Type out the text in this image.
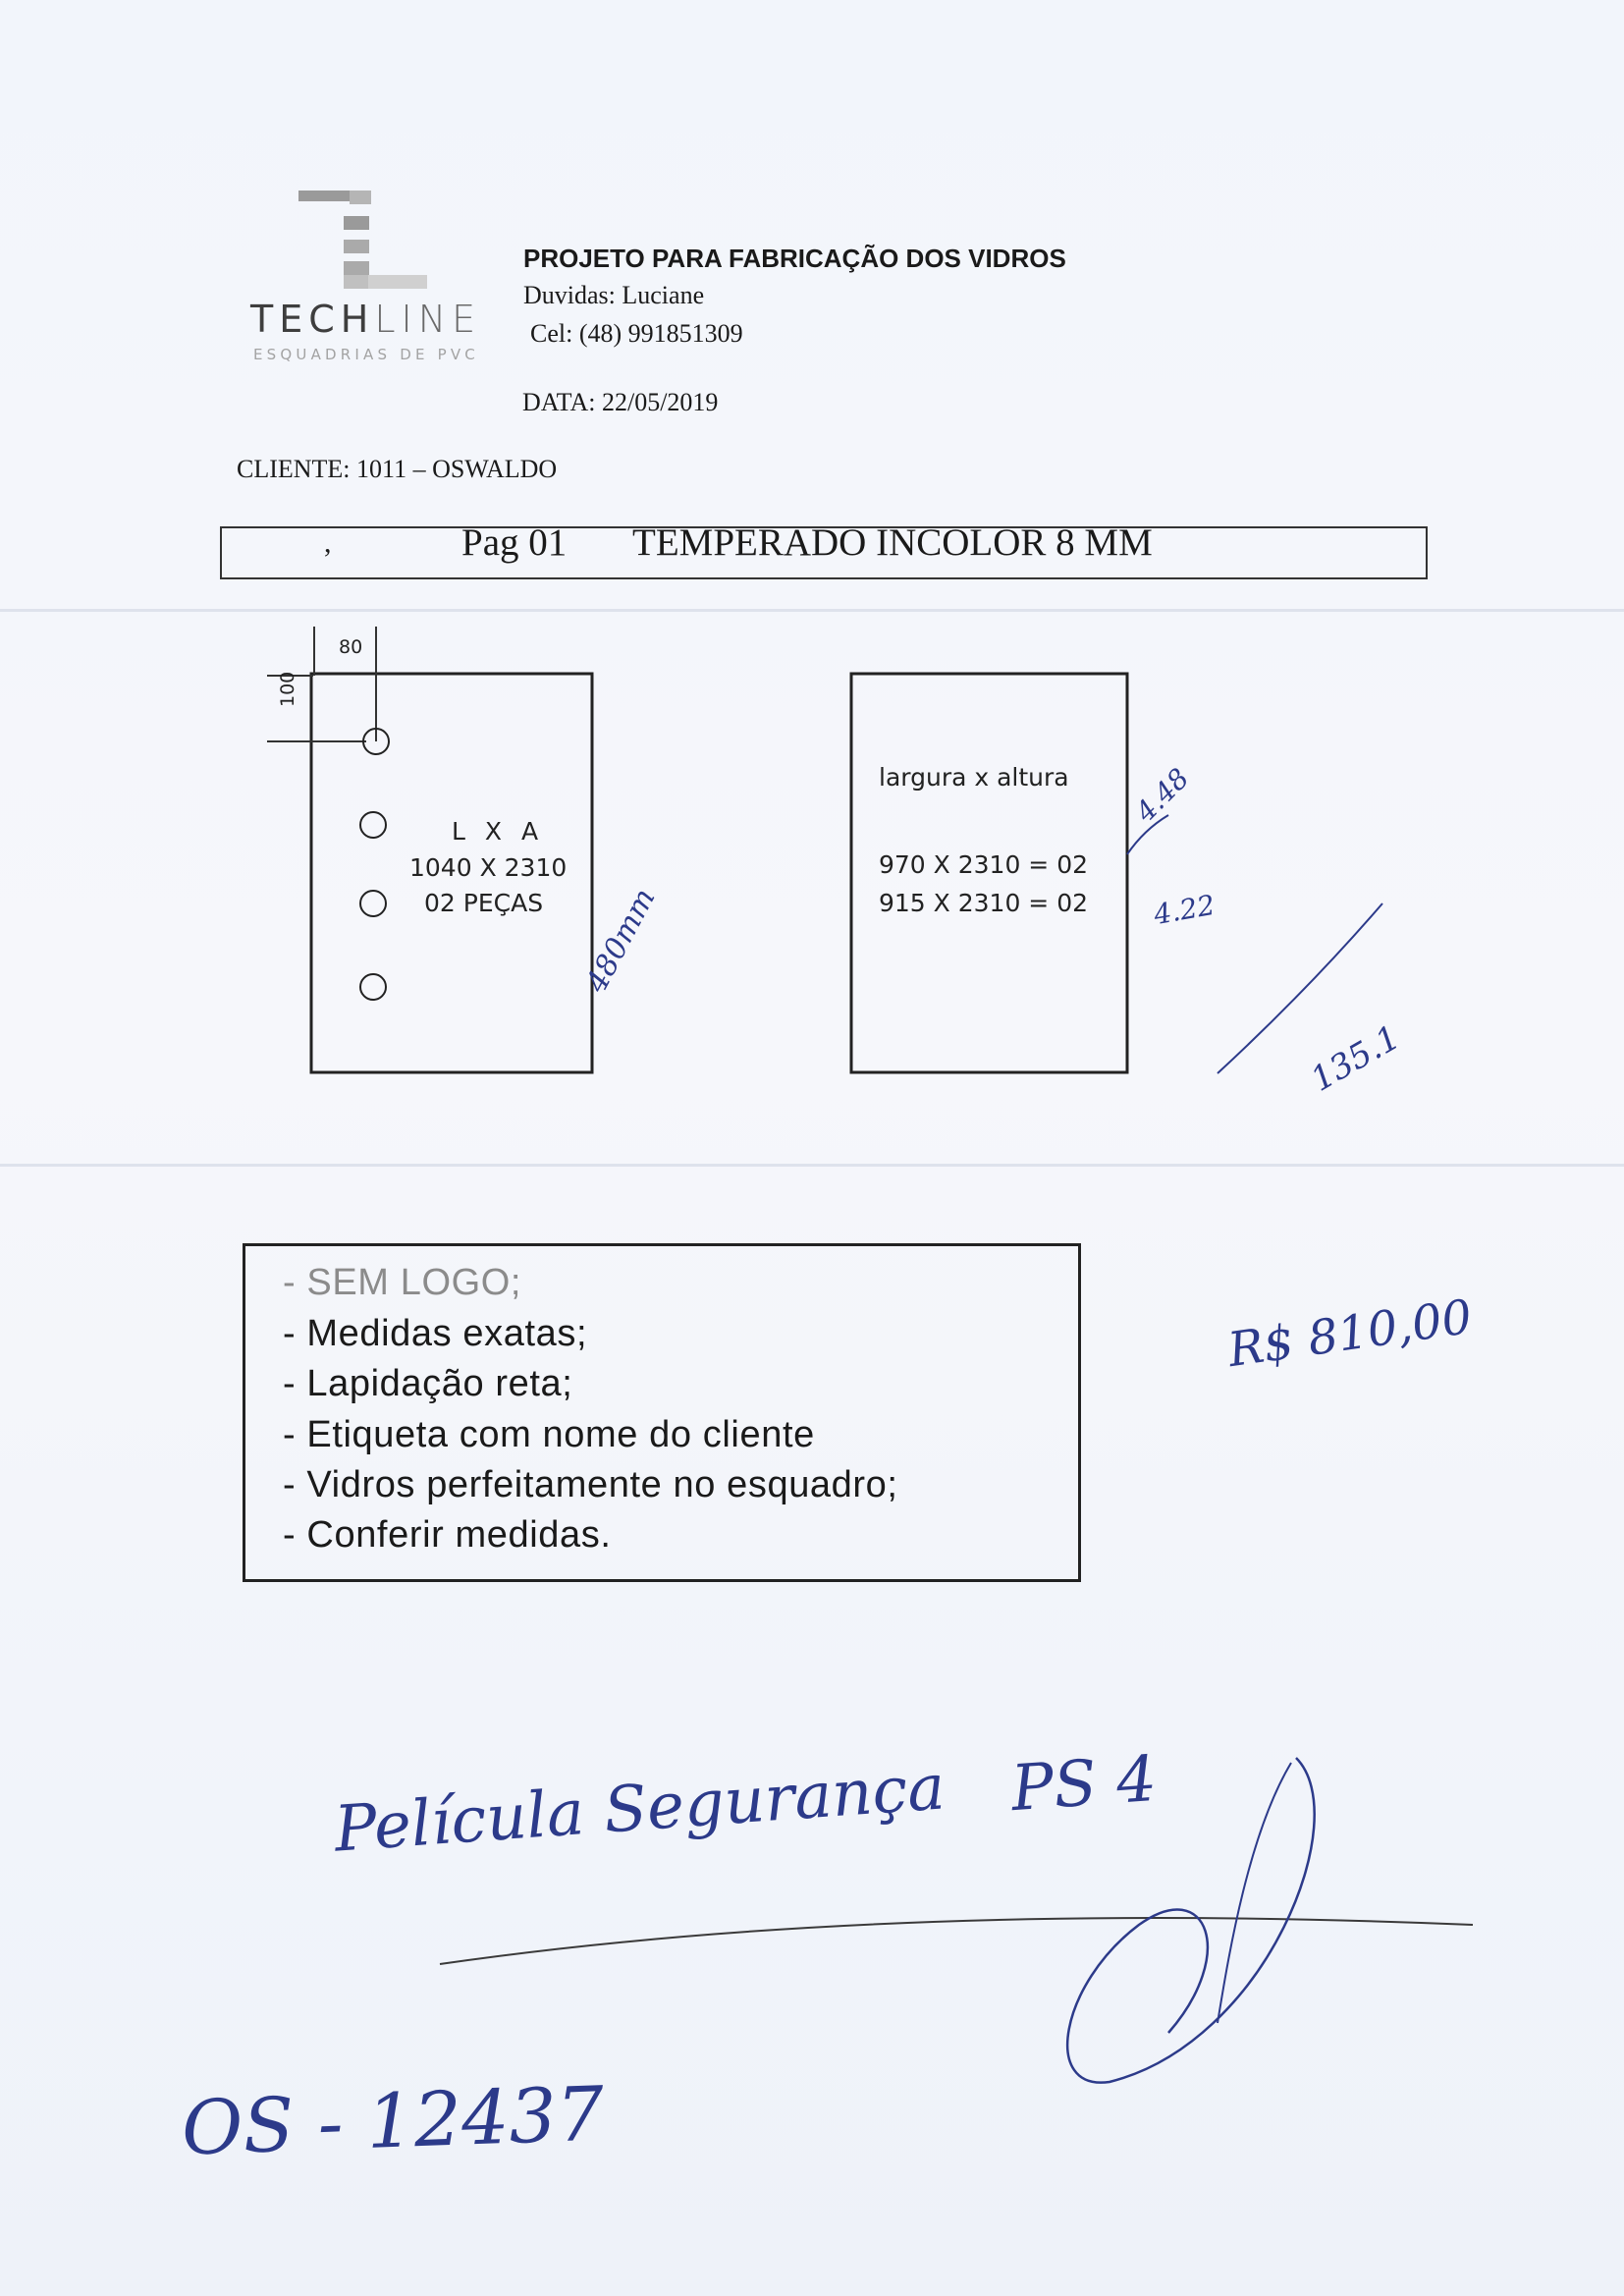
TECHLINE
ESQUADRIAS DE PVC
PROJETO PARA FABRICAÇÃO DOS VIDROS
Duvidas: Luciane
Cel: (48) 991851309
DATA: 22/05/2019
CLIENTE: 1011 – OSWALDO
,	Pag 01 TEMPERADO INCOLOR 8 MM
80
100
L X A
1040 X 2310
02 PEÇAS
largura x altura
970 X 2310 = 02
915 X 2310 = 02
- SEM LOGO;
- Medidas exatas;
- Lapidação reta;
- Etiqueta com nome do cliente
- Vidros perfeitamente no esquadro;
- Conferir medidas.
480mm
4.48
4.22
135.1
R$ 810,00
Película Segurança PS 4
OS - 12437
